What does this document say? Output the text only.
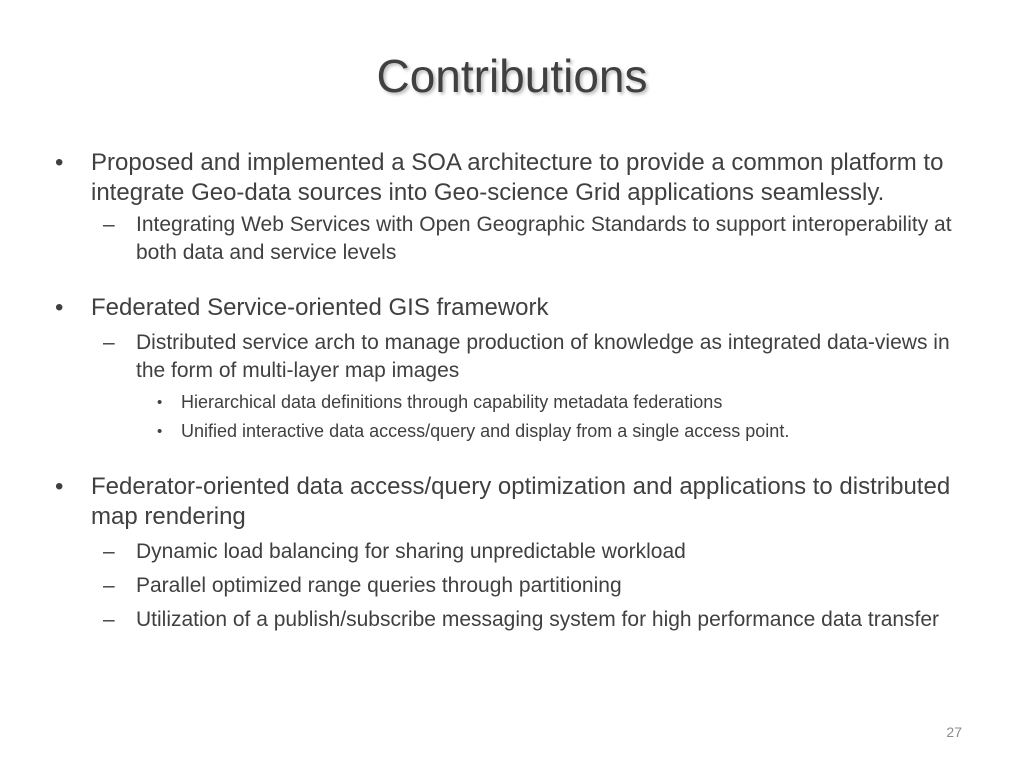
Contributions
• Proposed and implemented a SOA architecture to provide a common platform to integrate Geo-data sources into Geo-science Grid applications seamlessly.
– Integrating Web Services with Open Geographic Standards to support interoperability at both data and service levels
• Federated Service-oriented GIS framework
– Distributed service arch to manage production of knowledge as integrated data-views in the form of multi-layer map images
• Hierarchical data definitions through capability metadata federations
• Unified interactive data access/query and display from a single access point.
• Federator-oriented data access/query optimization and applications to distributed map rendering
– Dynamic load balancing for sharing unpredictable workload
– Parallel optimized range queries through partitioning
– Utilization of a publish/subscribe messaging system for high performance data transfer
27
